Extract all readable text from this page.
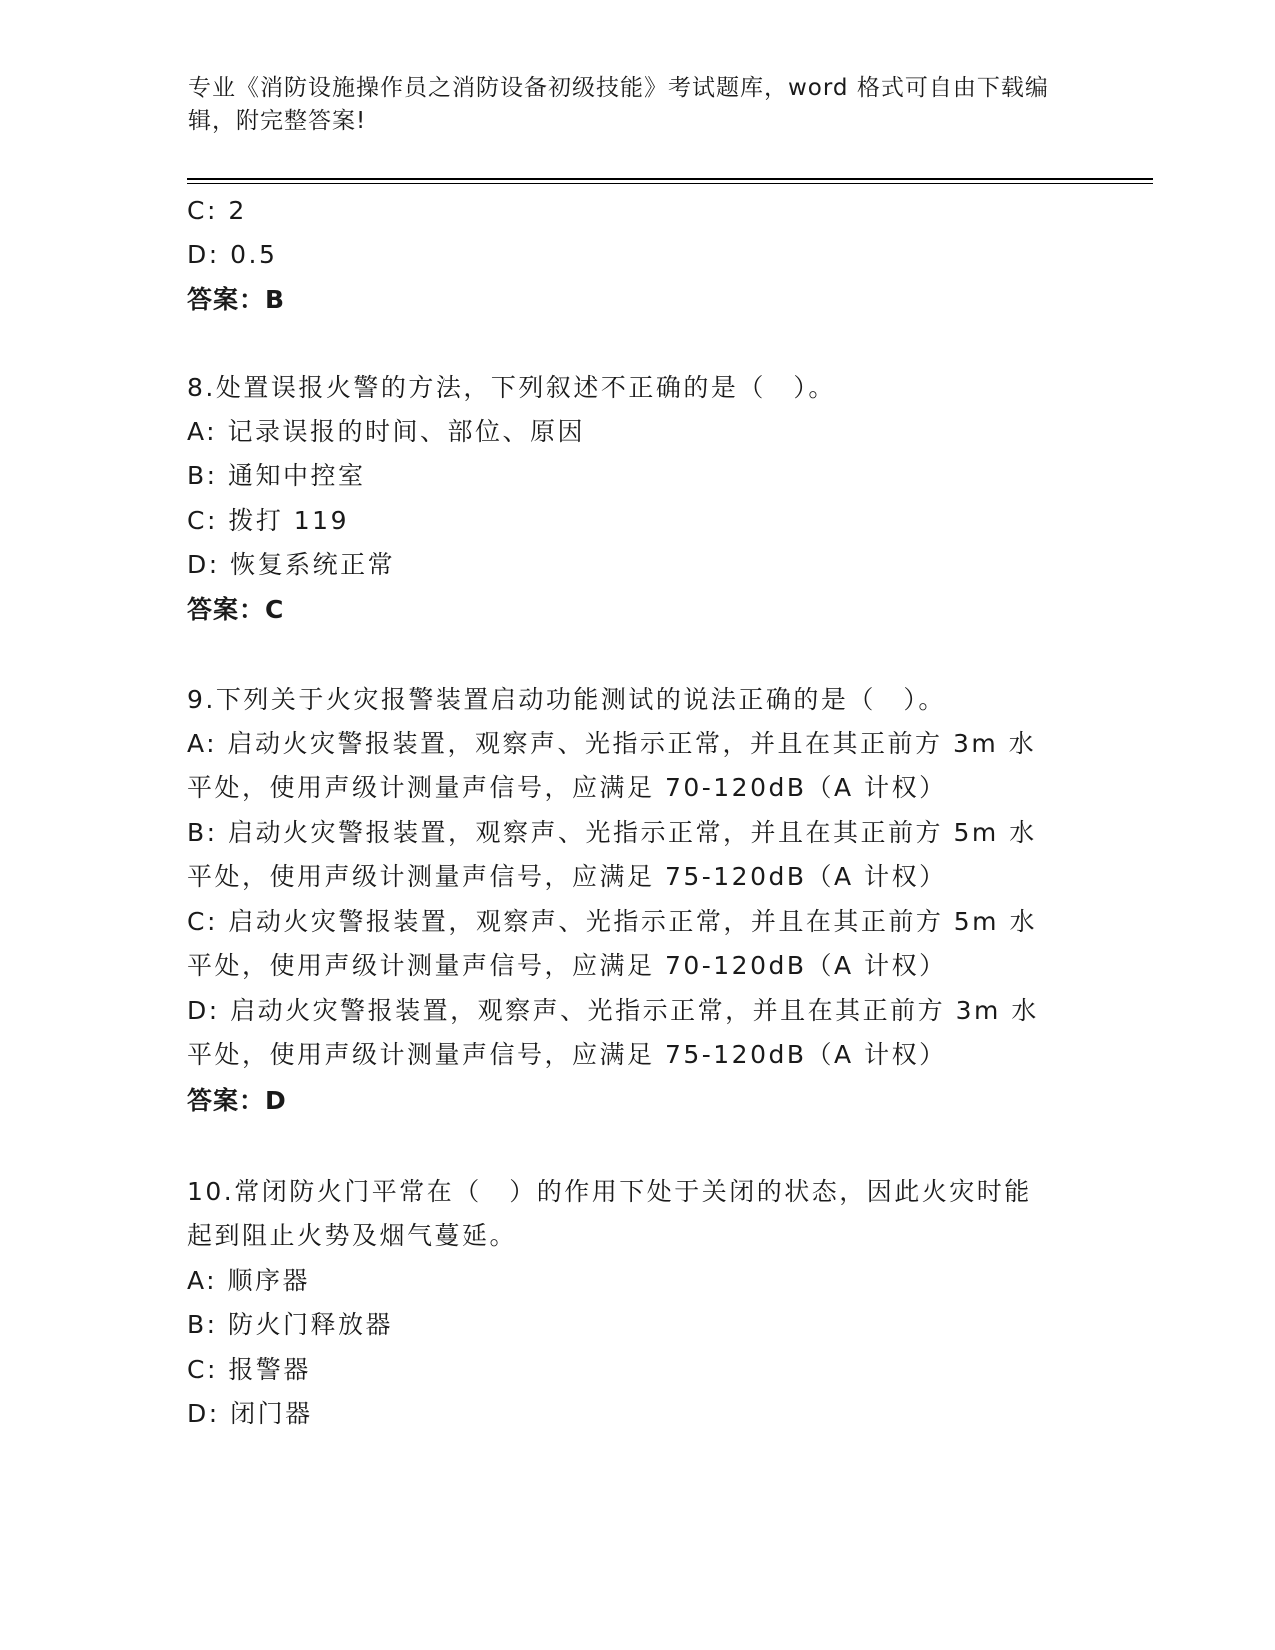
专业《消防设施操作员之消防设备初级技能》考试题库，word 格式可自由下载编辑，附完整答案!
C: 2
D: 0.5
答案：B
8.处置误报火警的方法，下列叙述不正确的是（　）。
A: 记录误报的时间、部位、原因
B: 通知中控室
C: 拨打 119
D: 恢复系统正常
答案：C
9.下列关于火灾报警装置启动功能测试的说法正确的是（　）。
A: 启动火灾警报装置，观察声、光指示正常，并且在其正前方 3m 水
平处，使用声级计测量声信号，应满足 70-120dB（A 计权）
B: 启动火灾警报装置，观察声、光指示正常，并且在其正前方 5m 水
平处，使用声级计测量声信号，应满足 75-120dB（A 计权）
C: 启动火灾警报装置，观察声、光指示正常，并且在其正前方 5m 水
平处，使用声级计测量声信号，应满足 70-120dB（A 计权）
D: 启动火灾警报装置，观察声、光指示正常，并且在其正前方 3m 水
平处，使用声级计测量声信号，应满足 75-120dB（A 计权）
答案：D
10.常闭防火门平常在（　）的作用下处于关闭的状态，因此火灾时能
起到阻止火势及烟气蔓延。
A: 顺序器
B: 防火门释放器
C: 报警器
D: 闭门器
